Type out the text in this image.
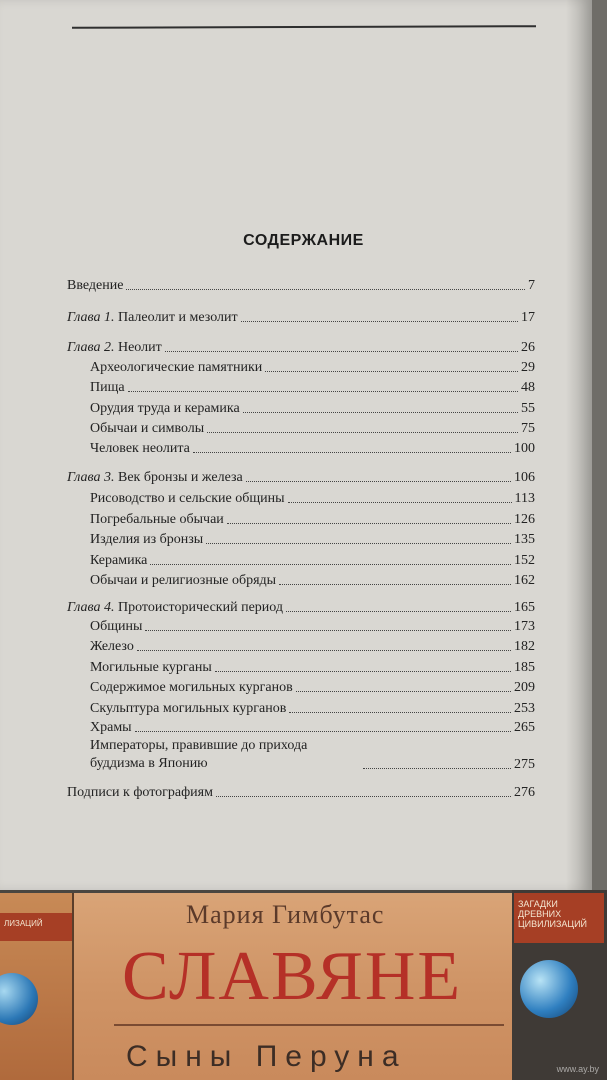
СОДЕРЖАНИЕ
Введение	7
Глава 1. Палеолит и мезолит	17
Глава 2. Неолит	26
Археологические памятники	29
Пища	48
Орудия труда и керамика	55
Обычаи и символы	75
Человек неолита	100
Глава 3. Век бронзы и железа	106
Рисоводство и сельские общины	113
Погребальные обычаи	126
Изделия из бронзы	135
Керамика	152
Обычаи и религиозные обряды	162
Глава 4. Протоисторический период	165
Общины	173
Железо	182
Могильные курганы	185
Содержимое могильных курганов	209
Скульптура могильных курганов	253
Храмы	265
Императоры, правившие до прихода буддизма в Японию	275
Подписи к фотографиям	276
ЛИЗАЦИЙ	Мария Гимбутас
СЛАВЯНЕ
Сыны Перуна
ЗАГАДКИ ДРЕВНИХ ЦИВИЛИЗАЦИЙ
www.ay.by
